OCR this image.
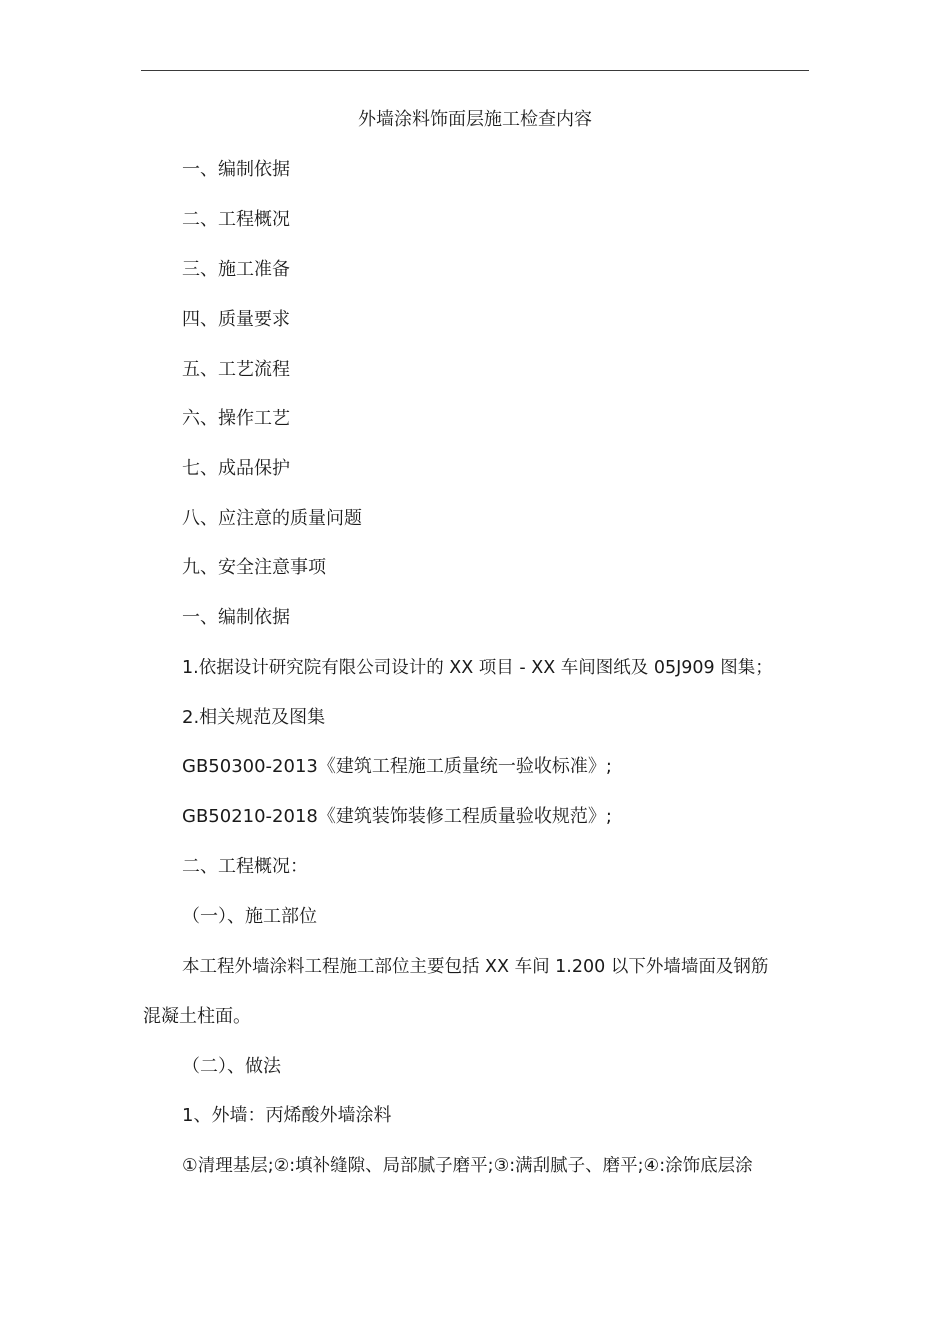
外墙涂料饰面层施工检查内容
一、编制依据
二、工程概况
三、施工准备
四、质量要求
五、工艺流程
六、操作工艺
七、成品保护
八、应注意的质量问题
九、安全注意事项
一、编制依据
1.依据设计研究院有限公司设计的 XX 项目 - XX 车间图纸及 05J909 图集；
2.相关规范及图集
GB50300-2013《建筑工程施工质量统一验收标准》;
GB50210-2018《建筑装饰装修工程质量验收规范》;
二、工程概况：
（一）、施工部位
本工程外墙涂料工程施工部位主要包括 XX 车间 1.200 以下外墙墙面及钢筋
混凝土柱面。
（二）、做法
1、外墙：丙烯酸外墙涂料
①清理基层;②:填补缝隙、局部腻子磨平;③:满刮腻子、磨平;④:涂饰底层涂
